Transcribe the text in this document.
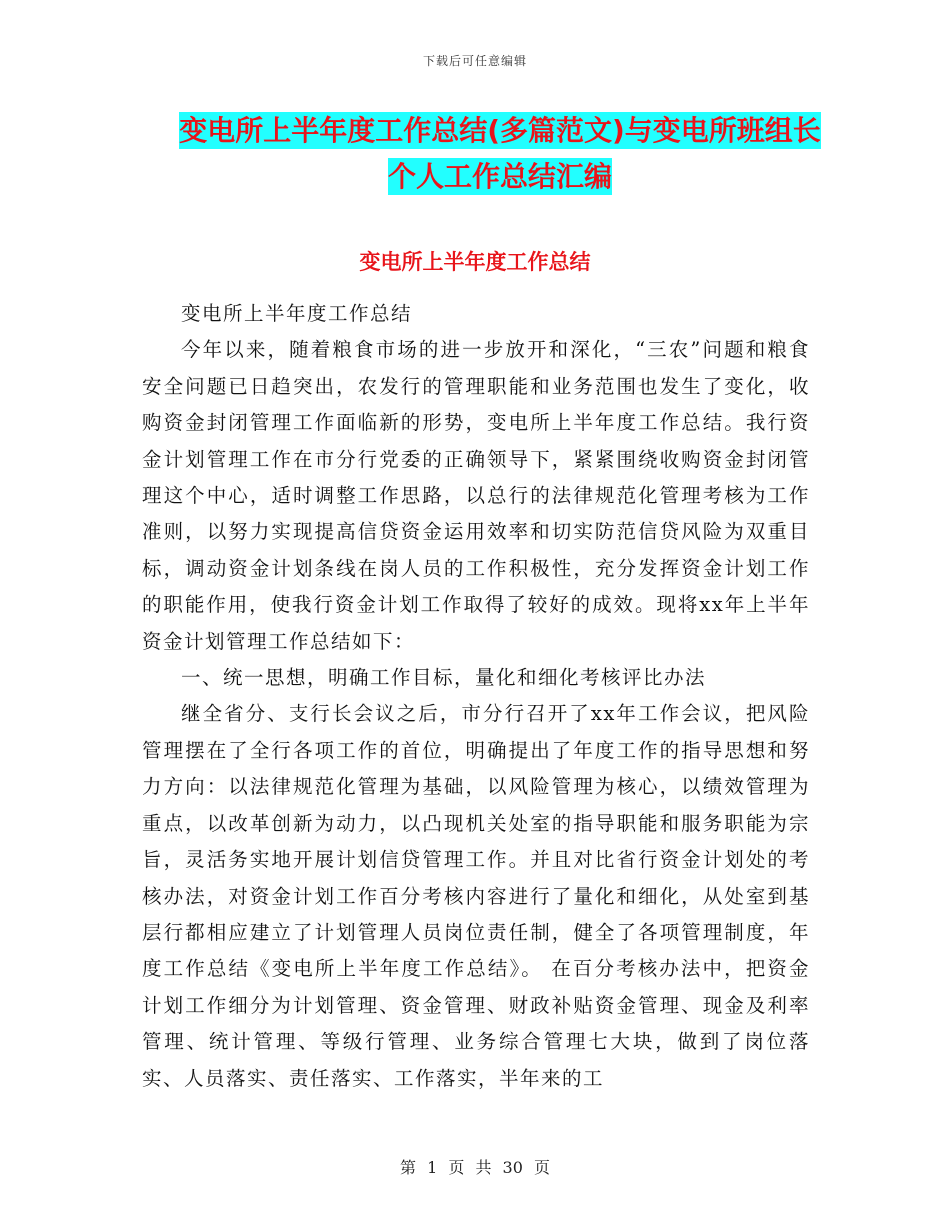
下载后可任意编辑
变电所上半年度工作总结(多篇范文)与变电所班组长
个人工作总结汇编
变电所上半年度工作总结

变电所上半年度工作总结

今年以来，随着粮食市场的进一步放开和深化，“三农”问题和粮食安全问题已日趋突出，农发行的管理职能和业务范围也发生了变化，收购资金封闭管理工作面临新的形势，变电所上半年度工作总结。我行资金计划管理工作在市分行党委的正确领导下，紧紧围绕收购资金封闭管理这个中心，适时调整工作思路，以总行的法律规范化管理考核为工作准则，以努力实现提高信贷资金运用效率和切实防范信贷风险为双重目标，调动资金计划条线在岗人员的工作积极性，充分发挥资金计划工作的职能作用，使我行资金计划工作取得了较好的成效。现将xx年上半年资金计划管理工作总结如下：

一、统一思想，明确工作目标，量化和细化考核评比办法

继全省分、支行长会议之后，市分行召开了xx年工作会议，把风险管理摆在了全行各项工作的首位，明确提出了年度工作的指导思想和努力方向：以法律规范化管理为基础，以风险管理为核心，以绩效管理为重点，以改革创新为动力，以凸现机关处室的指导职能和服务职能为宗旨，灵活务实地开展计划信贷管理工作。并且对比省行资金计划处的考核办法，对资金计划工作百分考核内容进行了量化和细化，从处室到基层行都相应建立了计划管理人员岗位责任制，健全了各项管理制度，年度工作总结《变电所上半年度工作总结》。 在百分考核办法中，把资金计划工作细分为计划管理、资金管理、财政补贴资金管理、现金及利率管理、统计管理、等级行管理、业务综合管理七大块，做到了岗位落实、人员落实、责任落实、工作落实，半年来的工

第 1 页 共 30 页
